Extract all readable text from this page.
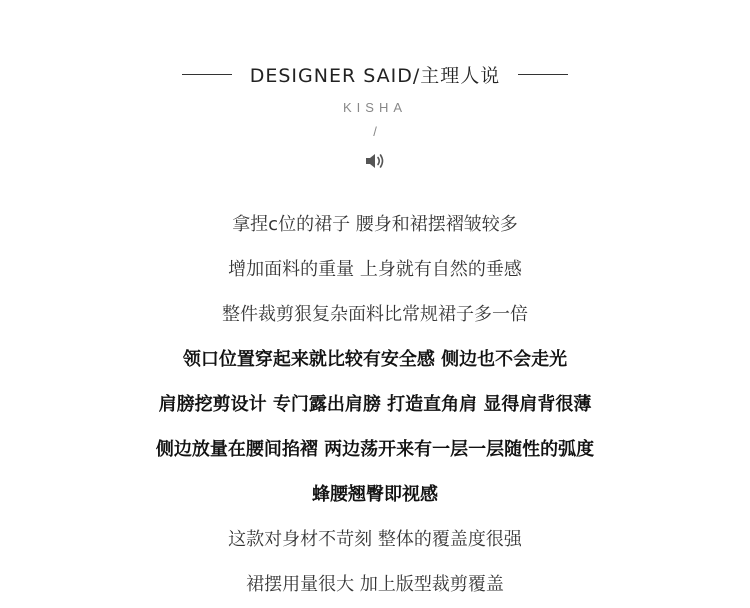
DESIGNER SAID/主理人说
KISHA
/
拿捏c位的裙子 腰身和裙摆褶皱较多
增加面料的重量 上身就有自然的垂感
整件裁剪狠复杂面料比常规裙子多一倍
领口位置穿起来就比较有安全感 侧边也不会走光
肩膀挖剪设计 专门露出肩膀 打造直角肩 显得肩背很薄
侧边放量在腰间掐褶 两边荡开来有一层一层随性的弧度
蜂腰翘臀即视感
这款对身材不苛刻 整体的覆盖度很强
裙摆用量很大 加上版型裁剪覆盖
